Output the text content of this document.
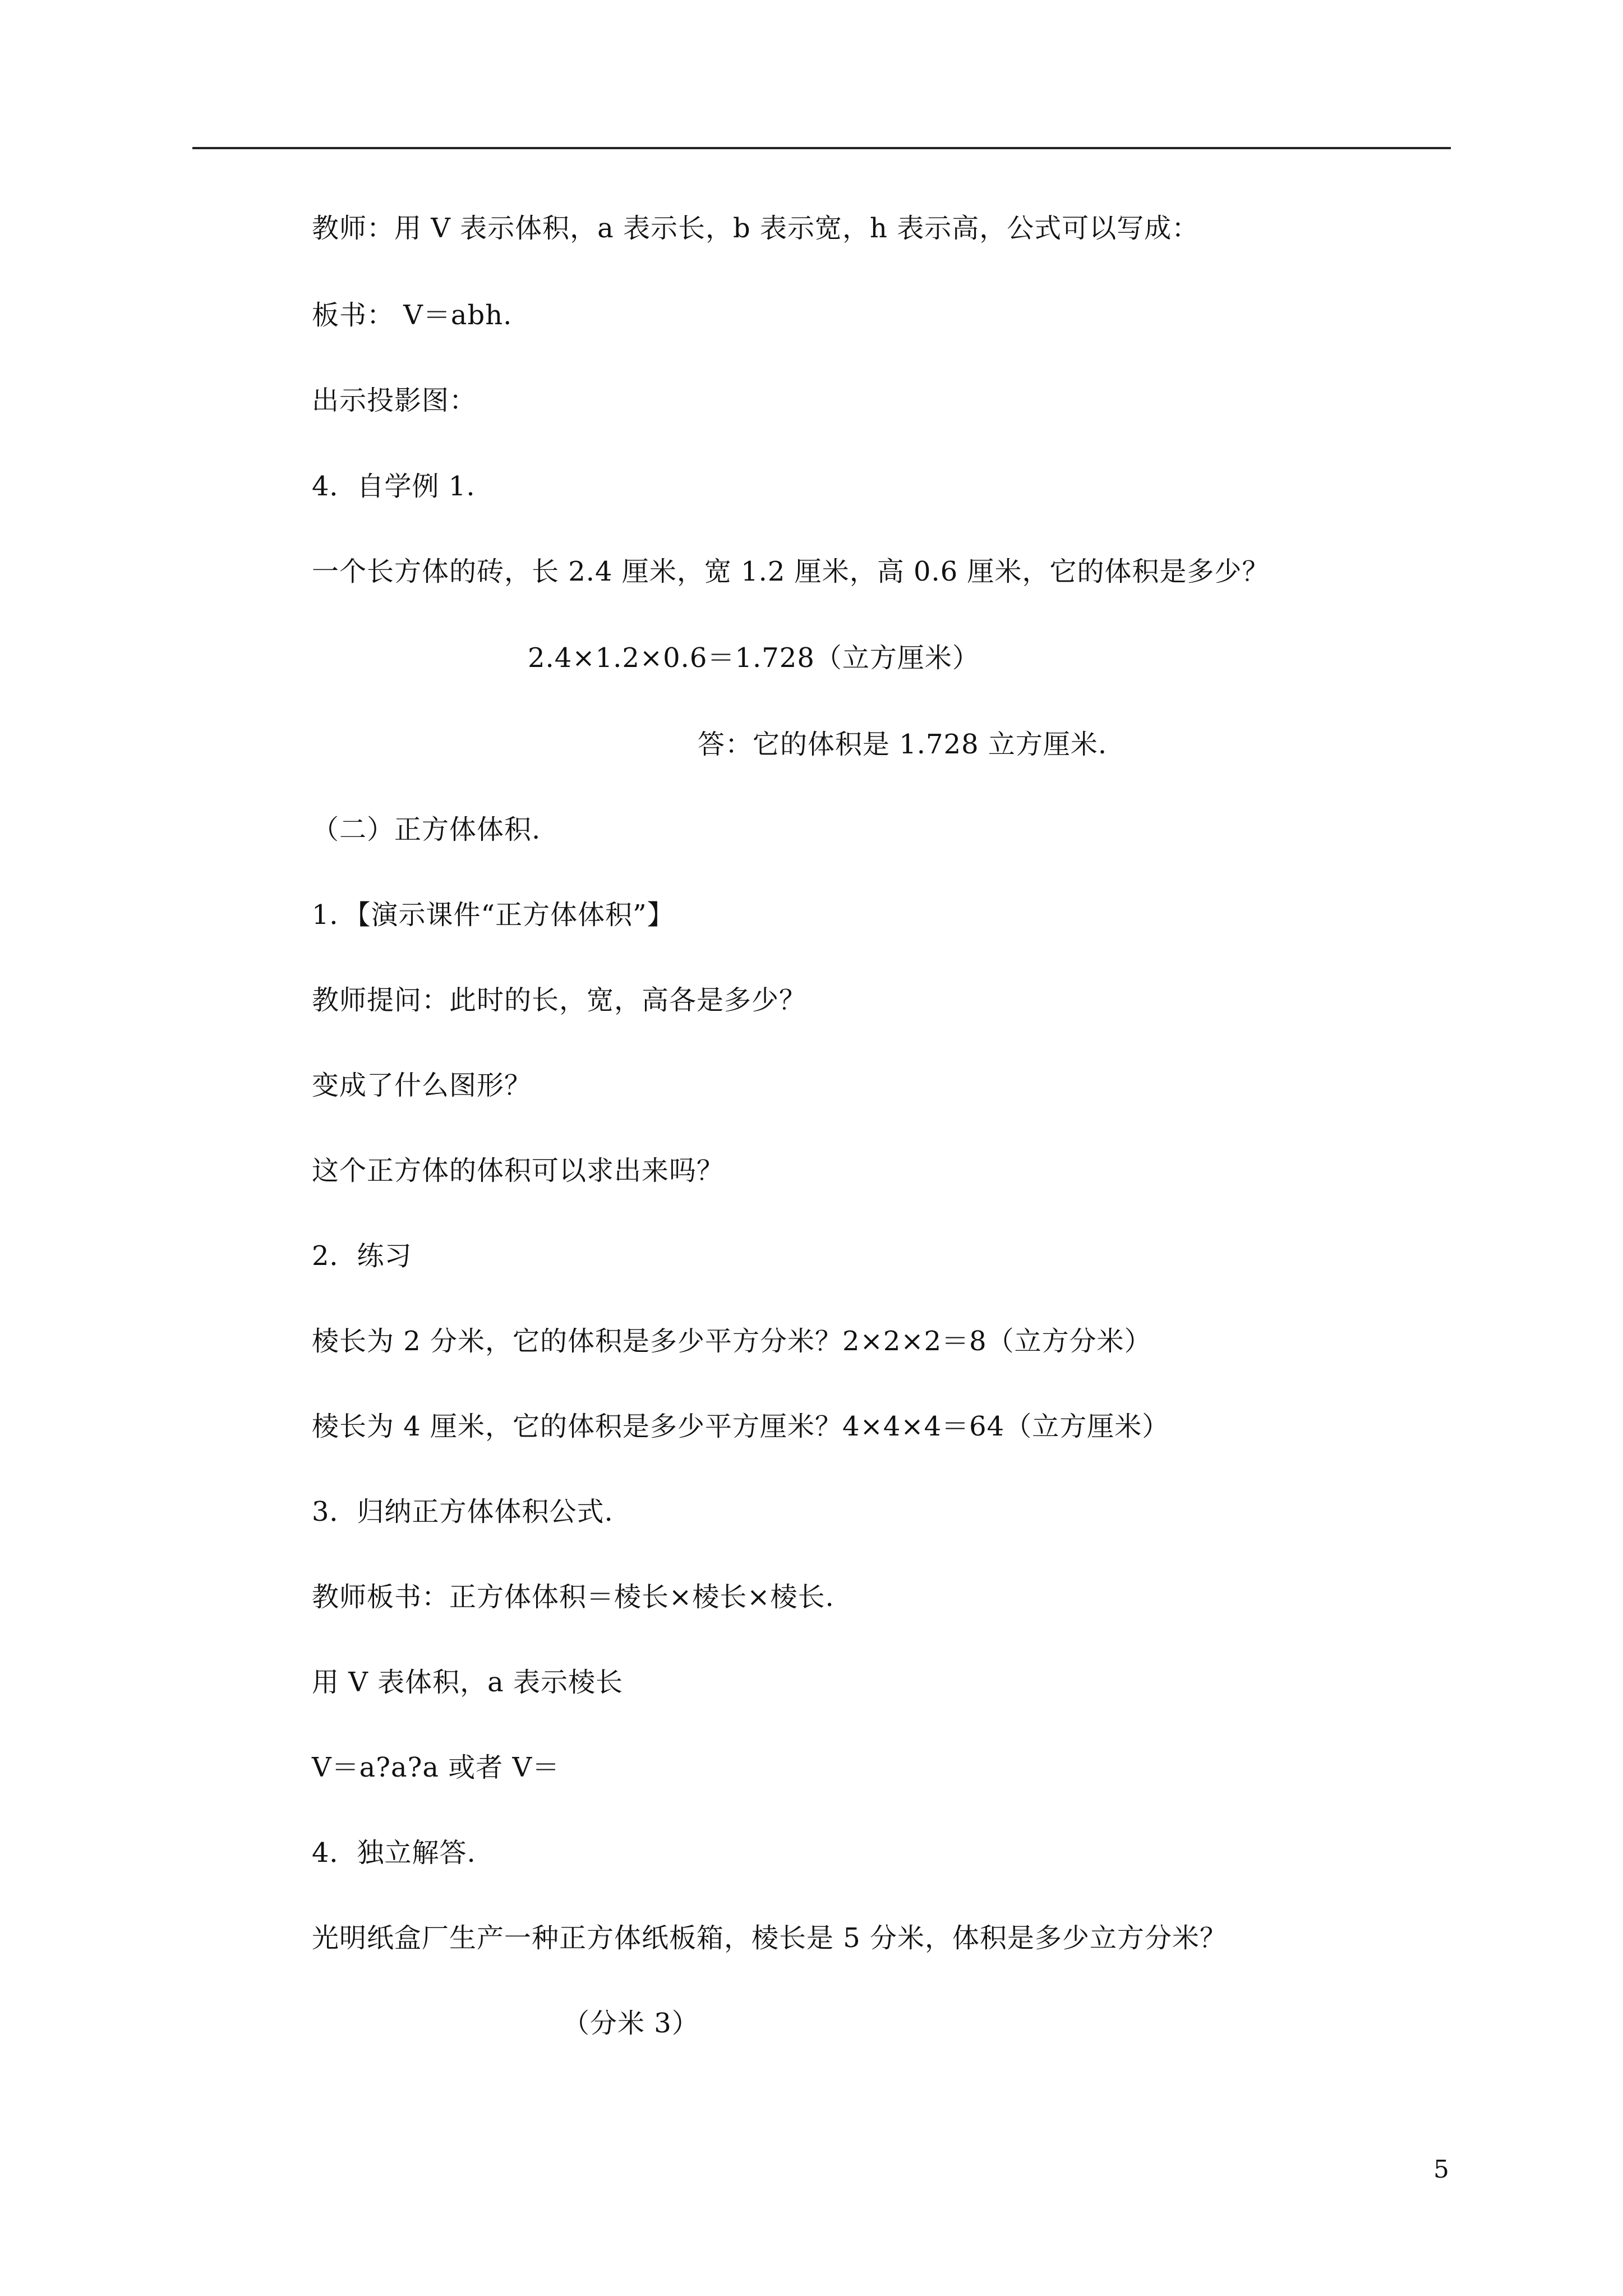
教师：用 V 表示体积，a 表示长，b 表示宽，h 表示高，公式可以写成：
板书： V＝abh.
出示投影图：
4．自学例 1.
一个长方体的砖，长 2.4 厘米，宽 1.2 厘米，高 0.6 厘米，它的体积是多少？
2.4×1.2×0.6＝1.728（立方厘米）
答：它的体积是 1.728 立方厘米.
（二）正方体体积.
1．【演示课件“正方体体积”】
教师提问：此时的长，宽，高各是多少？
变成了什么图形？
这个正方体的体积可以求出来吗？
2．练习
棱长为 2 分米，它的体积是多少平方分米？2×2×2＝8（立方分米）
棱长为 4 厘米，它的体积是多少平方厘米？4×4×4＝64（立方厘米）
3．归纳正方体体积公式.
教师板书：正方体体积＝棱长×棱长×棱长.
用 V 表体积，a 表示棱长
V＝a?a?a 或者 V＝
4．独立解答.
光明纸盒厂生产一种正方体纸板箱，棱长是 5 分米，体积是多少立方分米？
（分米 3）
5
